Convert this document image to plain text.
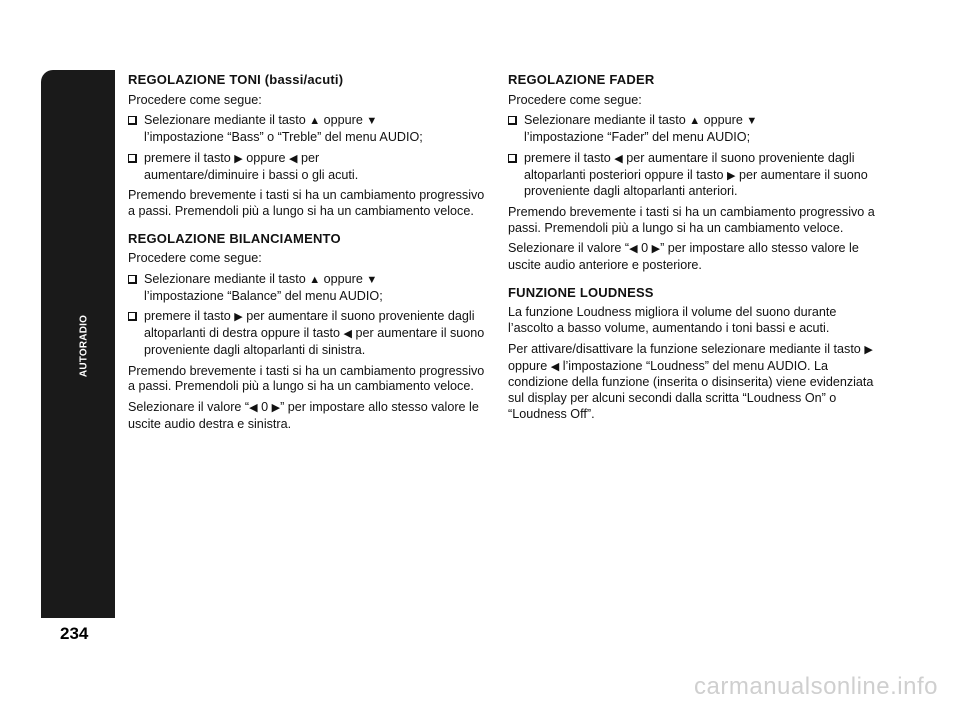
AUTORADIO
234
REGOLAZIONE TONI (bassi/acuti)

Procedere come segue:

Selezionare mediante il tasto ▲ oppure ▼
l’impostazione “Bass” o “Treble” del menu AUDIO;
premere il tasto ▶ oppure ◀ per
aumentare/diminuire i bassi o gli acuti.

Premendo brevemente i tasti si ha un cambiamento progressivo a passi. Premendoli più a lungo si ha un cambiamento veloce.

REGOLAZIONE BILANCIAMENTO

Procedere come segue:

Selezionare mediante il tasto ▲ oppure ▼
l’impostazione “Balance” del menu AUDIO;
premere il tasto ▶ per aumentare il suono proveniente dagli altoparlanti di destra oppure il tasto ◀ per aumentare il suono proveniente dagli altoparlanti di sinistra.

Premendo brevemente i tasti si ha un cambiamento progressivo a passi. Premendoli più a lungo si ha un cambiamento veloce.

Selezionare il valore “◀ 0 ▶” per impostare allo stesso valore le uscite audio destra e sinistra.

REGOLAZIONE FADER

Procedere come segue:

Selezionare mediante il tasto ▲ oppure ▼
l’impostazione “Fader” del menu AUDIO;
premere il tasto ◀ per aumentare il suono proveniente dagli altoparlanti posteriori oppure il tasto ▶ per aumentare il suono proveniente dagli altoparlanti anteriori.

Premendo brevemente i tasti si ha un cambiamento progressivo a passi. Premendoli più a lungo si ha un cambiamento veloce.

Selezionare il valore “◀ 0 ▶” per impostare allo stesso valore le uscite audio anteriore e posteriore.

FUNZIONE LOUDNESS

La funzione Loudness migliora il volume del suono durante l’ascolto a basso volume, aumentando i toni bassi e acuti.

Per attivare/disattivare la funzione selezionare mediante il tasto ▶ oppure ◀ l’impostazione “Loudness” del menu AUDIO. La condizione della funzione (inserita o disinserita) viene evidenziata sul display per alcuni secondi dalla scritta “Loudness On” o “Loudness Off”.

carmanualsonline.info
